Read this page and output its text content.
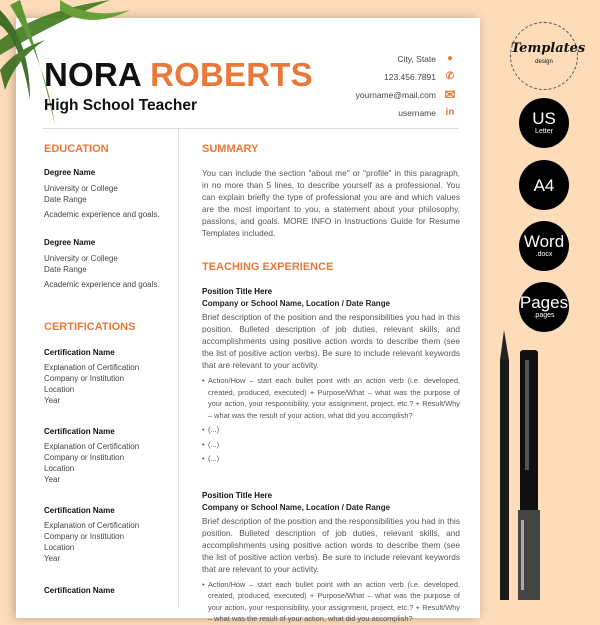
NORA ROBERTS
High School Teacher
City, State
123.456.7891
yourname@mail.com
username
●
✆
✉
in
EDUCATION
Degree Name
University or College
Date Range
Academic experience and goals.
Degree Name
University or College
Date Range
Academic experience and goals.
CERTIFICATIONS
Certification Name
Explanation of Certification
Company or Institution
Location
Year
Certification Name
Explanation of Certification
Company or Institution
Location
Year
Certification Name
Explanation of Certification
Company or Institution
Location
Year
Certification Name
SUMMARY
You can include the section "about me" or "profile" in this paragraph, in no more than 5 lines, to describe yourself as a professional. You can explain briefly the type of professional you are and which values are the most important to you, a statement about your philosophy, passions, and goals. MORE INFO in Instructions Guide for Resume Templates included.
TEACHING EXPERIENCE
Position Title Here
Company or School Name, Location / Date Range
Brief description of the position and the responsibilities you had in this position. Bulleted description of job duties, relevant skills, and accomplishments using positive action words to describe them (see the list of positive action verbs). Be sure to include relevant keywords that are relevant to your activity.
• Action/How – start each bullet point with an action verb (i.e. developed, created, produced, executed) + Purpose/What – what was the purpose of your action, your responsibility, your assignment, project, etc.? + Result/Why – what was the result of your action, what did you accomplish?
• (...)
• (...)
• (...)
Position Title Here
Company or School Name, Location / Date Range
Brief description of the position and the responsibilities you had in this position. Bulleted description of job duties, relevant skills, and accomplishments using positive action words to describe them (see the list of positive action verbs). Be sure to include relevant keywords that are relevant to your activity.
• Action/How – start each bullet point with an action verb (i.e. developed, created, produced, executed) + Purpose/What – what was the purpose of your action, your responsibility, your assignment, project, etc.? + Result/Why – what was the result of your action, what did you accomplish?
Templates
design
US
Letter
A4
Word
.docx
Pages
.pages
